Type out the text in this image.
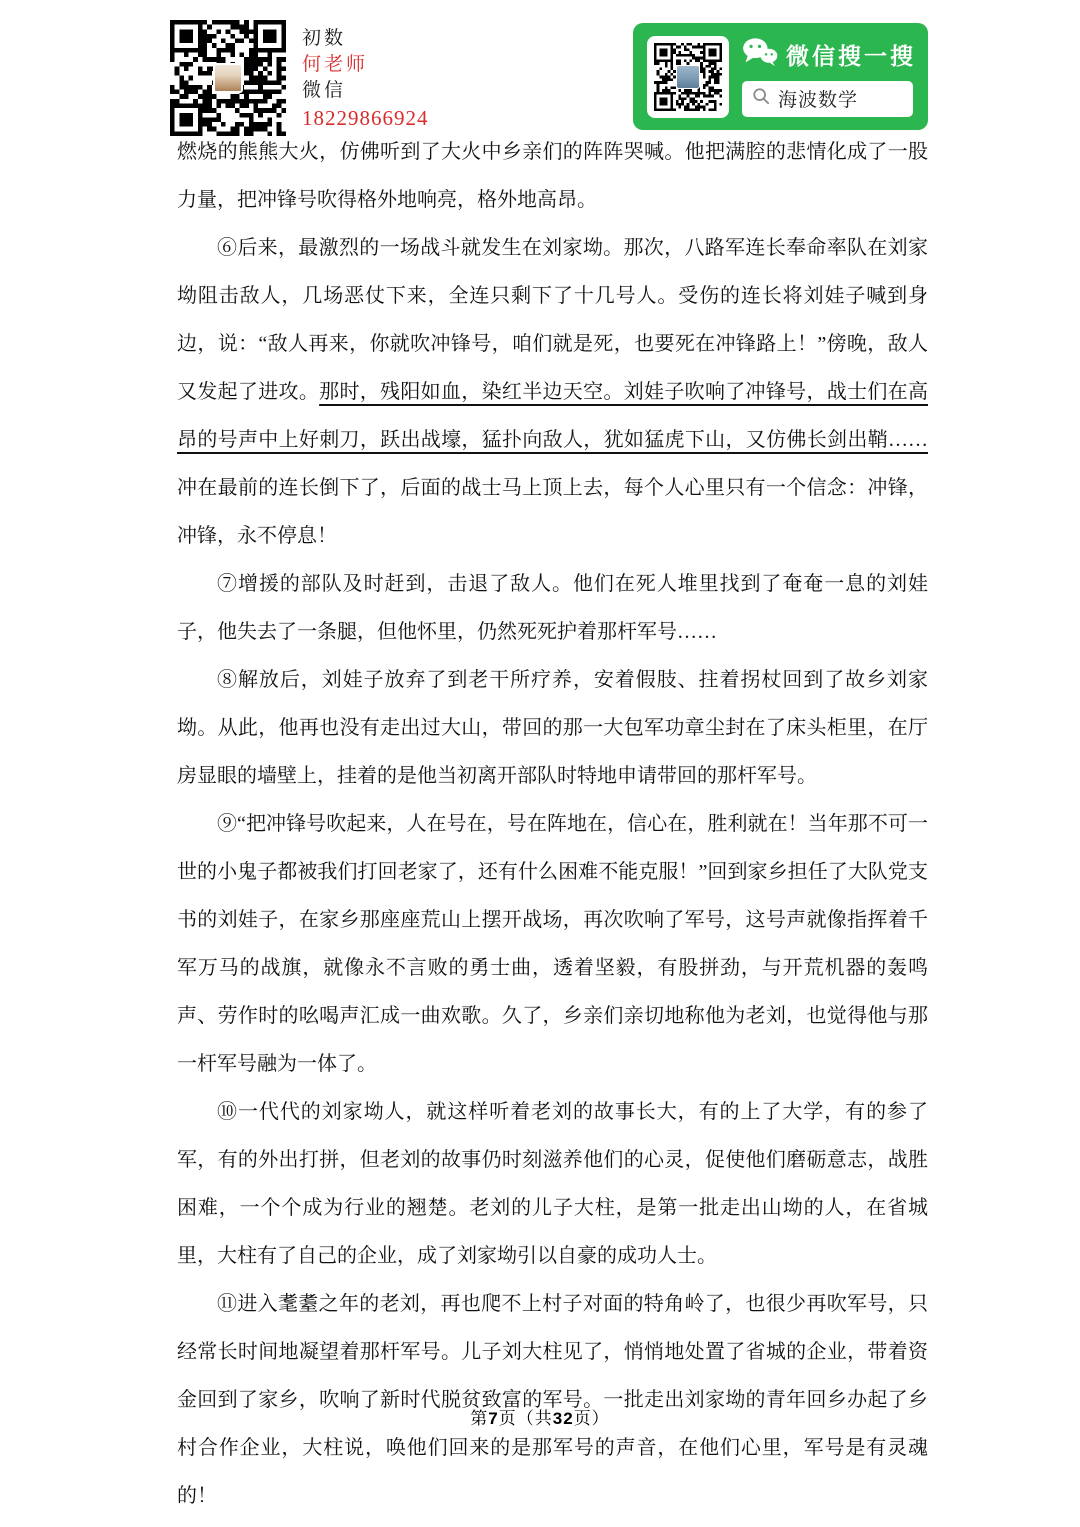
初数
何老师
微信
18229866924
微信搜一搜
海波数学

燃烧的熊熊大火，仿佛听到了大火中乡亲们的阵阵哭喊。他把满腔的悲情化成了一股力量，把冲锋号吹得格外地响亮，格外地高昂。

⑥后来，最激烈的一场战斗就发生在刘家坳。那次，八路军连长奉命率队在刘家坳阻击敌人，几场恶仗下来，全连只剩下了十几号人。受伤的连长将刘娃子喊到身边，说：“敌人再来，你就吹冲锋号，咱们就是死，也要死在冲锋路上！”傍晚，敌人又发起了进攻。那时，残阳如血，染红半边天空。刘娃子吹响了冲锋号，战士们在高昂的号声中上好刺刀，跃出战壕，猛扑向敌人，犹如猛虎下山，又仿佛长剑出鞘……冲在最前的连长倒下了，后面的战士马上顶上去，每个人心里只有一个信念：冲锋，冲锋，永不停息！

⑦增援的部队及时赶到，击退了敌人。他们在死人堆里找到了奄奄一息的刘娃子，他失去了一条腿，但他怀里，仍然死死护着那杆军号……

⑧解放后，刘娃子放弃了到老干所疗养，安着假肢、拄着拐杖回到了故乡刘家坳。从此，他再也没有走出过大山，带回的那一大包军功章尘封在了床头柜里，在厅房显眼的墙壁上，挂着的是他当初离开部队时特地申请带回的那杆军号。

⑨“把冲锋号吹起来，人在号在，号在阵地在，信心在，胜利就在！当年那不可一世的小鬼子都被我们打回老家了，还有什么困难不能克服！”回到家乡担任了大队党支书的刘娃子，在家乡那座座荒山上摆开战场，再次吹响了军号，这号声就像指挥着千军万马的战旗，就像永不言败的勇士曲，透着坚毅，有股拼劲，与开荒机器的轰鸣声、劳作时的吆喝声汇成一曲欢歌。久了，乡亲们亲切地称他为老刘，也觉得他与那一杆军号融为一体了。

⑩一代代的刘家坳人，就这样听着老刘的故事长大，有的上了大学，有的参了军，有的外出打拼，但老刘的故事仍时刻滋养他们的心灵，促使他们磨砺意志，战胜困难，一个个成为行业的翘楚。老刘的儿子大柱，是第一批走出山坳的人，在省城里，大柱有了自己的企业，成了刘家坳引以自豪的成功人士。

⑪进入耄耋之年的老刘，再也爬不上村子对面的特角岭了，也很少再吹军号，只经常长时间地凝望着那杆军号。儿子刘大柱见了，悄悄地处置了省城的企业，带着资金回到了家乡，吹响了新时代脱贫致富的军号。一批走出刘家坳的青年回乡办起了乡村合作企业，大柱说，唤他们回来的是那军号的声音，在他们心里，军号是有灵魂的！

第7页（共32页）
